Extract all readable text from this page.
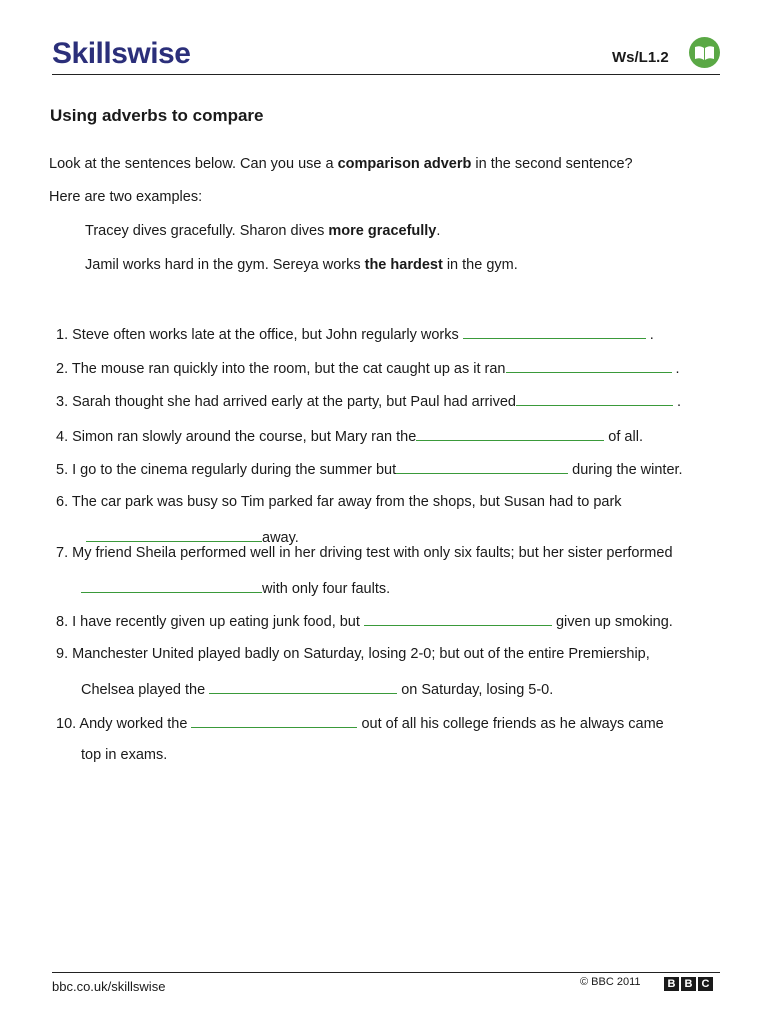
Skillswise	Ws/L1.2
Using adverbs to compare
Look at the sentences below. Can you use a comparison adverb in the second sentence?
Here are two examples:
Tracey dives gracefully. Sharon dives more gracefully.
Jamil works hard in the gym. Sereya works the hardest in the gym.
1. Steve often works late at the office, but John regularly works	.
2. The mouse ran quickly into the room, but the cat caught up as it ran	.
3. Sarah thought she had arrived early at the party, but Paul had arrived	.
4. Simon ran slowly around the course, but Mary ran the	of all.
5. I go to the cinema regularly during the summer but	during the winter.
6. The car park was busy so Tim parked far away from the shops, but Susan had to park
away.
7. My friend Sheila performed well in her driving test with only six faults; but her sister performed
with only four faults.
8. I have recently given up eating junk food, but	given up smoking.
9. Manchester United played badly on Saturday, losing 2-0; but out of the entire Premiership,
Chelsea played the	on Saturday, losing 5-0.
10. Andy worked the	out of all his college friends as he always came
top in exams.
bbc.co.uk/skillswise	© BBC 2011	B B C
